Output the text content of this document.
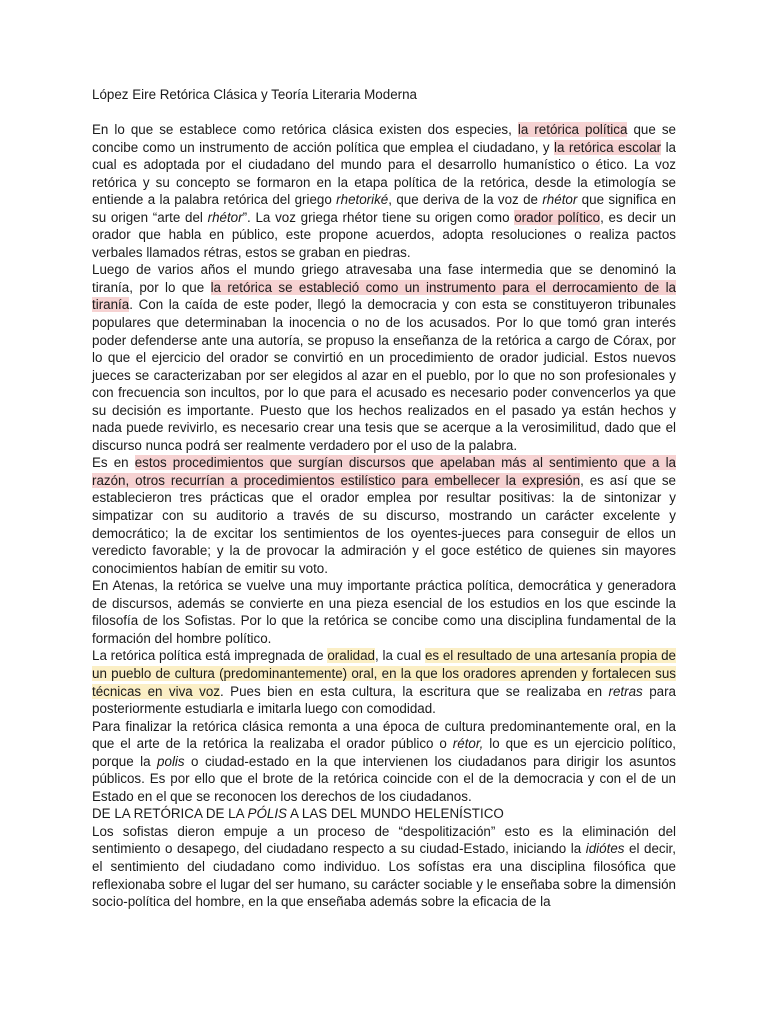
López Eire Retórica Clásica y Teoría Literaria Moderna

En lo que se establece como retórica clásica existen dos especies, la retórica política que se concibe como un instrumento de acción política que emplea el ciudadano, y la retórica escolar la cual es adoptada por el ciudadano del mundo para el desarrollo humanístico o ético. La voz retórica y su concepto se formaron en la etapa política de la retórica, desde la etimología se entiende a la palabra retórica del griego rhetoriké, que deriva de la voz de rhétor que significa en su origen “arte del rhétor”. La voz griega rhétor tiene su origen como orador político, es decir un orador que habla en público, este propone acuerdos, adopta resoluciones o realiza pactos verbales llamados rétras, estos se graban en piedras.

Luego de varios años el mundo griego atravesaba una fase intermedia que se denominó la tiranía, por lo que la retórica se estableció como un instrumento para el derrocamiento de la tiranía. Con la caída de este poder, llegó la democracia y con esta se constituyeron tribunales populares que determinaban la inocencia o no de los acusados. Por lo que tomó gran interés poder defenderse ante una autoría, se propuso la enseñanza de la retórica a cargo de Córax, por lo que el ejercicio del orador se convirtió en un procedimiento de orador judicial. Estos nuevos jueces se caracterizaban por ser elegidos al azar en el pueblo, por lo que no son profesionales y con frecuencia son incultos, por lo que para el acusado es necesario poder convencerlos ya que su decisión es importante. Puesto que los hechos realizados en el pasado ya están hechos y nada puede revivirlo, es necesario crear una tesis que se acerque a la verosimilitud, dado que el discurso nunca podrá ser realmente verdadero por el uso de la palabra.

Es en estos procedimientos que surgían discursos que apelaban más al sentimiento que a la razón, otros recurrían a procedimientos estilístico para embellecer la expresión, es así que se establecieron tres prácticas que el orador emplea por resultar positivas: la de sintonizar y simpatizar con su auditorio a través de su discurso, mostrando un carácter excelente y democrático; la de excitar los sentimientos de los oyentes-jueces para conseguir de ellos un veredicto favorable; y la de provocar la admiración y el goce estético de quienes sin mayores conocimientos habían de emitir su voto.

En Atenas, la retórica se vuelve una muy importante práctica política, democrática y generadora de discursos, además se convierte en una pieza esencial de los estudios en los que escinde la filosofía de los Sofistas. Por lo que la retórica se concibe como una disciplina fundamental de la formación del hombre político.

La retórica política está impregnada de oralidad, la cual es el resultado de una artesanía propia de un pueblo de cultura (predominantemente) oral, en la que los oradores aprenden y fortalecen sus técnicas en viva voz. Pues bien en esta cultura, la escritura que se realizaba en retras para posteriormente estudiarla e imitarla luego con comodidad.

Para finalizar la retórica clásica remonta a una época de cultura predominantemente oral, en la que el arte de la retórica la realizaba el orador público o rétor, lo que es un ejercicio político, porque la polis o ciudad-estado en la que intervienen los ciudadanos para dirigir los asuntos públicos. Es por ello que el brote de la retórica coincide con el de la democracia y con el de un Estado en el que se reconocen los derechos de los ciudadanos.

DE LA RETÓRICA DE LA PÓLIS A LAS DEL MUNDO HELENÍSTICO

Los sofistas dieron empuje a un proceso de “despolitización” esto es la eliminación del sentimiento o desapego, del ciudadano respecto a su ciudad-Estado, iniciando la idiótes el decir, el sentimiento del ciudadano como individuo. Los sofístas era una disciplina filosófica que reflexionaba sobre el lugar del ser humano, su carácter sociable y le enseñaba sobre la dimensión socio-política del hombre, en la que enseñaba además sobre la eficacia de la
